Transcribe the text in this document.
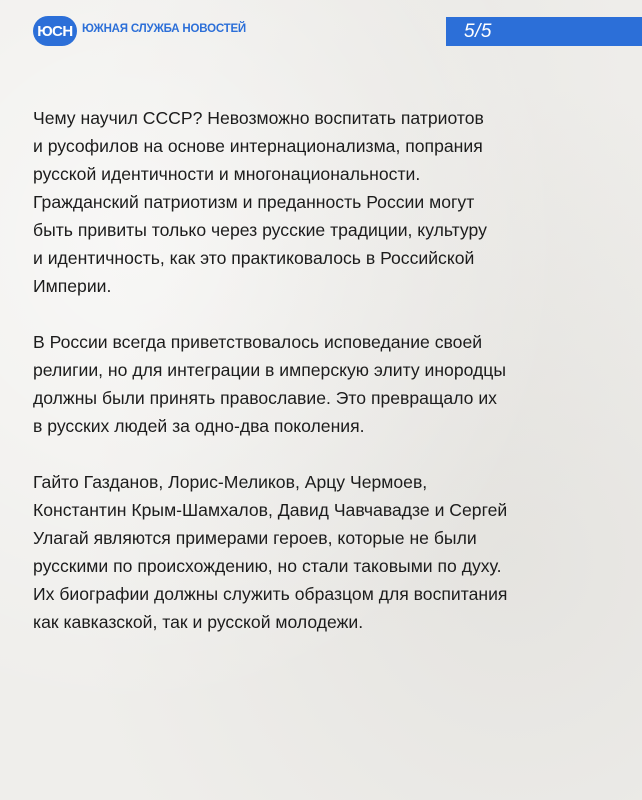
ЮСН ЮЖНАЯ СЛУЖБА НОВОСТЕЙ	5/5

Чему научил СССР? Невозможно воспитать патриотов
и русофилов на основе интернационализма, попрания
русской идентичности и многонациональности.
Гражданский патриотизм и преданность России могут
быть привиты только через русские традиции, культуру
и идентичность, как это практиковалось в Российской
Империи.

В России всегда приветствовалось исповедание своей
религии, но для интеграции в имперскую элиту инородцы
должны были принять православие. Это превращало их
в русских людей за одно-два поколения.

Гайто Газданов, Лорис-Меликов, Арцу Чермоев,
Константин Крым-Шамхалов, Давид Чавчавадзе и Сергей
Улагай являются примерами героев, которые не были
русскими по происхождению, но стали таковыми по духу.
Их биографии должны служить образцом для воспитания
как кавказской, так и русской молодежи.
